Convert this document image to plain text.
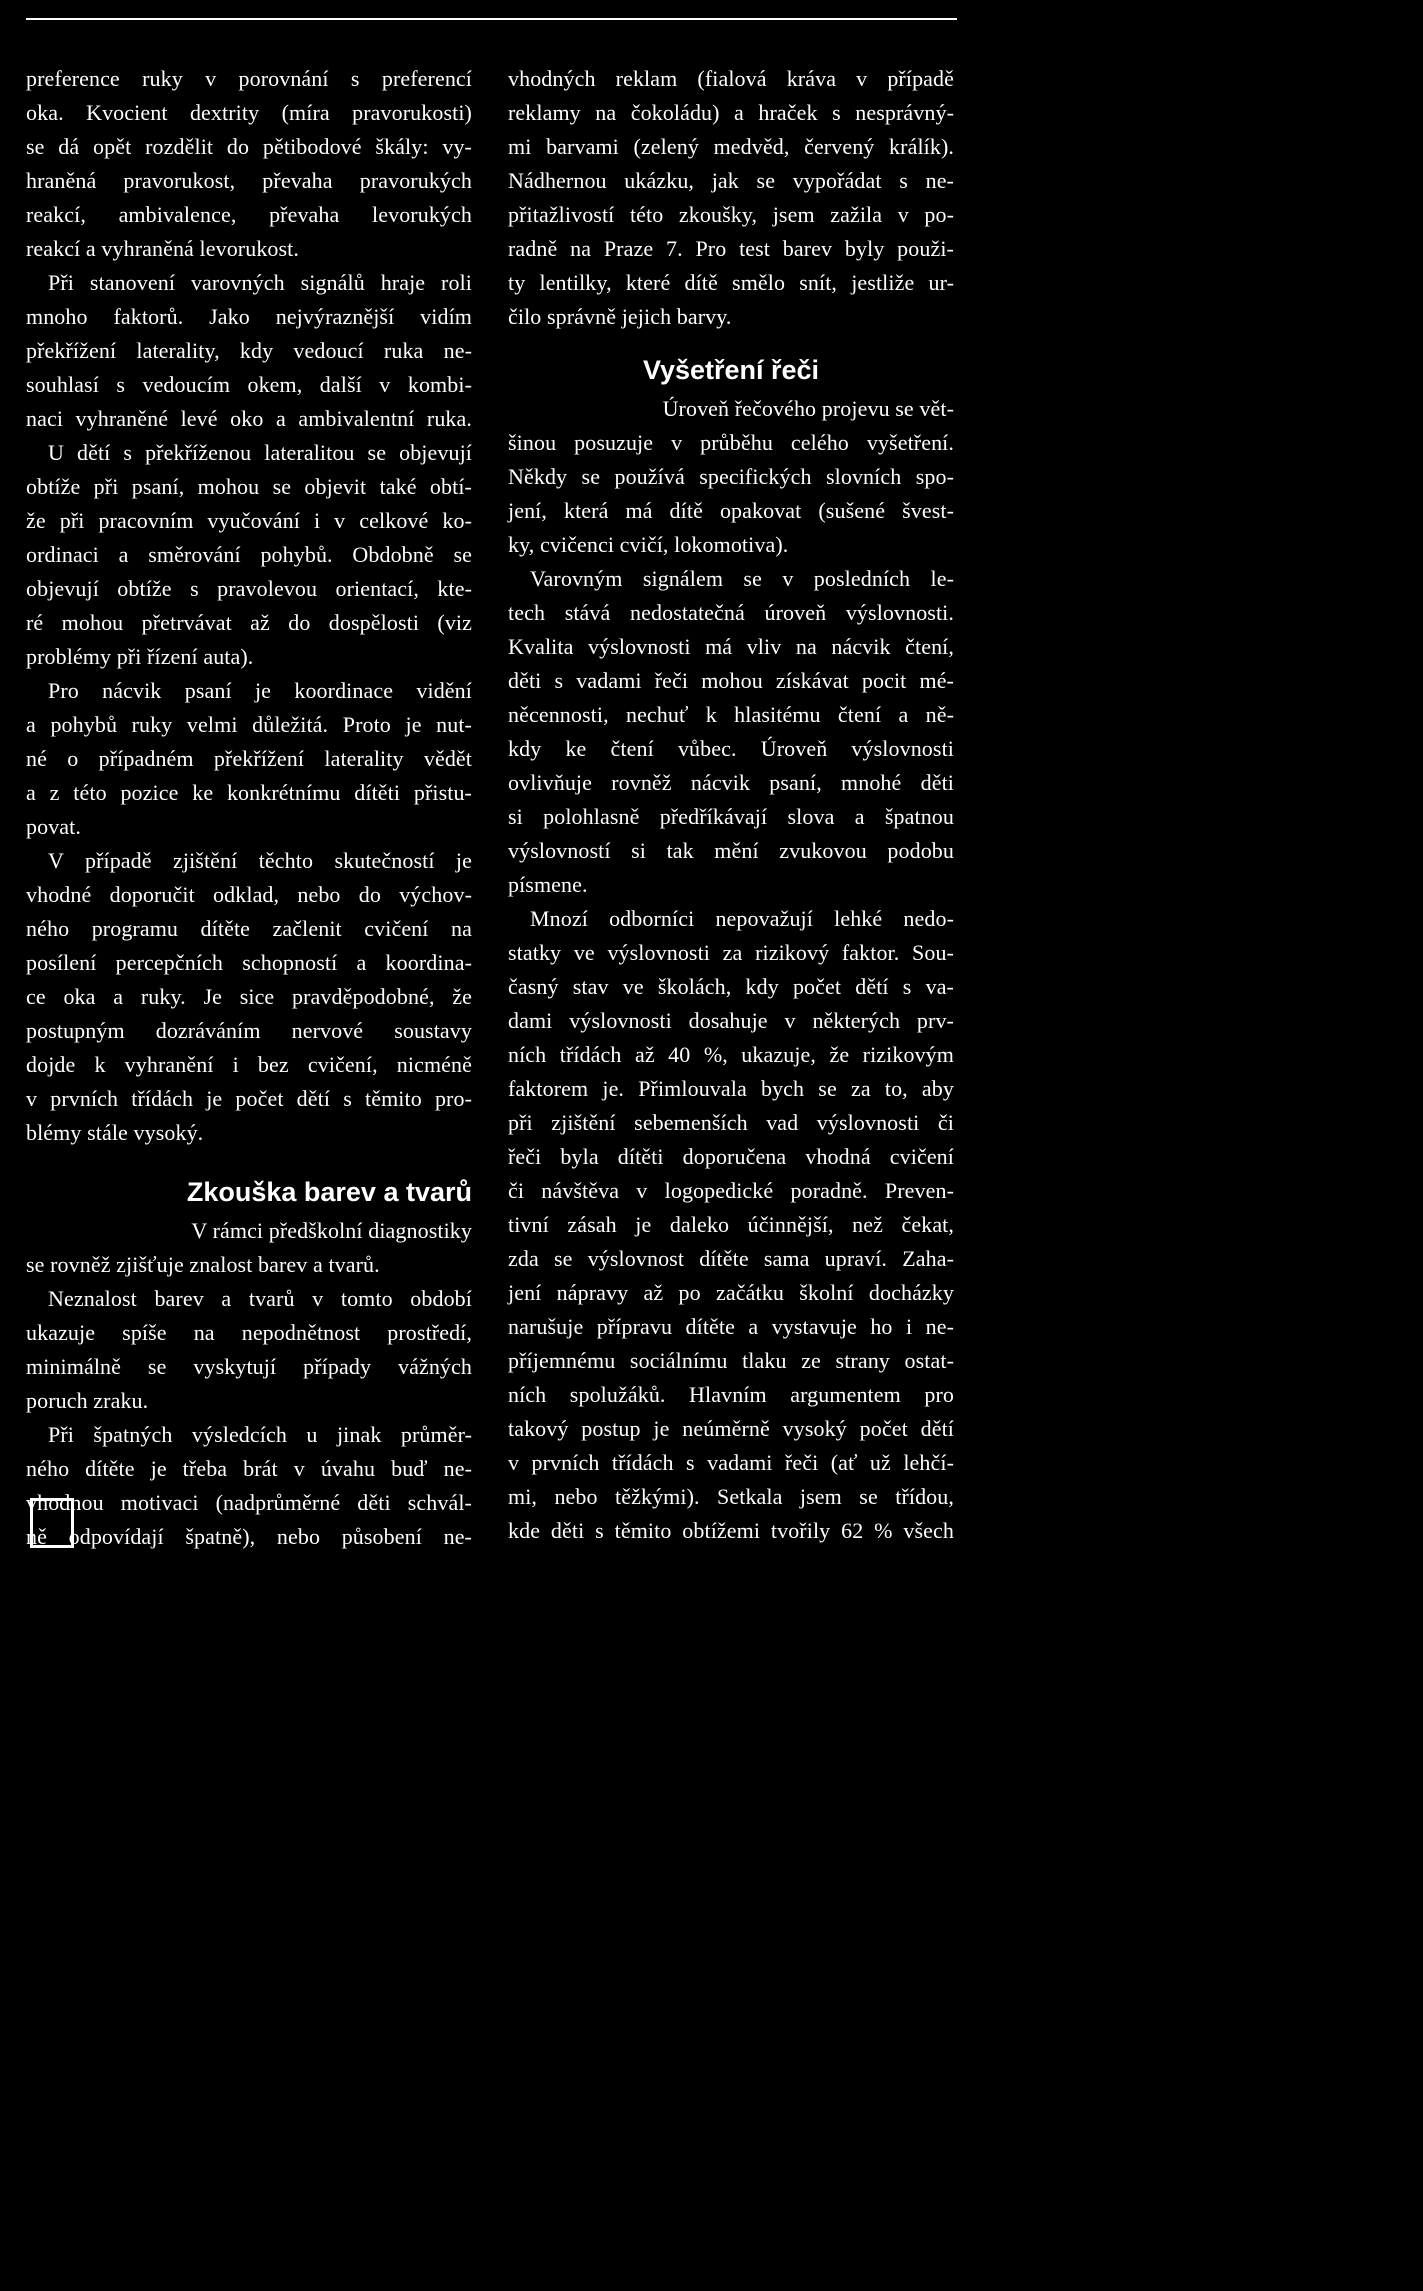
preference ruky v porovnání s preferencí
oka. Kvocient dextrity (míra pravorukosti)
se dá opět rozdělit do pětibodové škály: vy-
hraněná pravorukost, převaha pravorukých
reakcí, ambivalence, převaha levorukých
reakcí a vyhraněná levorukost.
Při stanovení varovných signálů hraje roli
mnoho faktorů. Jako nejvýraznější vidím
překřížení laterality, kdy vedoucí ruka ne-
souhlasí s vedoucím okem, další v kombi-
naci vyhraněné levé oko a ambivalentní ruka.
U dětí s překříženou lateralitou se objevují
obtíže při psaní, mohou se objevit také obtí-
že při pracovním vyučování i v celkové ko-
ordinaci a směrování pohybů. Obdobně se
objevují obtíže s pravolevou orientací, kte-
ré mohou přetrvávat až do dospělosti (viz
problémy při řízení auta).
Pro nácvik psaní je koordinace vidění
a pohybů ruky velmi důležitá. Proto je nut-
né o případném překřížení laterality vědět
a z této pozice ke konkrétnímu dítěti přistu-
povat.
V případě zjištění těchto skutečností je
vhodné doporučit odklad, nebo do výchov-
ného programu dítěte začlenit cvičení na
posílení percepčních schopností a koordina-
ce oka a ruky. Je sice pravděpodobné, že
postupným dozráváním nervové soustavy
dojde k vyhranění i bez cvičení, nicméně
v prvních třídách je počet dětí s těmito pro-
blémy stále vysoký.
Zkouška barev a tvarů
V rámci předškolní diagnostiky
se rovněž zjišťuje znalost barev a tvarů.
Neznalost barev a tvarů v tomto období
ukazuje spíše na nepodnětnost prostředí,
minimálně se vyskytují případy vážných
poruch zraku.
Při špatných výsledcích u jinak průměr-
ného dítěte je třeba brát v úvahu buď ne-
vhodnou motivaci (nadprůměrné děti schvál-
ně odpovídají špatně), nebo působení ne-
vhodných reklam (fialová kráva v případě
reklamy na čokoládu) a hraček s nesprávný-
mi barvami (zelený medvěd, červený králík).
Nádhernou ukázku, jak se vypořádat s ne-
přitažlivostí této zkoušky, jsem zažila v po-
radně na Praze 7. Pro test barev byly použi-
ty lentilky, které dítě smělo snít, jestliže ur-
čilo správně jejich barvy.
Vyšetření řeči
Úroveň řečového projevu se vět-
šinou posuzuje v průběhu celého vyšetření.
Někdy se používá specifických slovních spo-
jení, která má dítě opakovat (sušené švest-
ky, cvičenci cvičí, lokomotiva).
Varovným signálem se v posledních le-
tech stává nedostatečná úroveň výslovnosti.
Kvalita výslovnosti má vliv na nácvik čtení,
děti s vadami řeči mohou získávat pocit mé-
něcennosti, nechuť k hlasitému čtení a ně-
kdy ke čtení vůbec. Úroveň výslovnosti
ovlivňuje rovněž nácvik psaní, mnohé děti
si polohlasně předříkávají slova a špatnou
výslovností si tak mění zvukovou podobu
písmene.
Mnozí odborníci nepovažují lehké nedo-
statky ve výslovnosti za rizikový faktor. Sou-
časný stav ve školách, kdy počet dětí s va-
dami výslovnosti dosahuje v některých prv-
ních třídách až 40 %, ukazuje, že rizikovým
faktorem je. Přimlouvala bych se za to, aby
při zjištění sebemenších vad výslovnosti či
řeči byla dítěti doporučena vhodná cvičení
či návštěva v logopedické poradně. Preven-
tivní zásah je daleko účinnější, než čekat,
zda se výslovnost dítěte sama upraví. Zaha-
jení nápravy až po začátku školní docházky
narušuje přípravu dítěte a vystavuje ho i ne-
příjemnému sociálnímu tlaku ze strany ostat-
ních spolužáků. Hlavním argumentem pro
takový postup je neúměrně vysoký počet dětí
v prvních třídách s vadami řeči (ať už lehčí-
mi, nebo těžkými). Setkala jsem se třídou,
kde děti s těmito obtížemi tvořily 62 % všech
